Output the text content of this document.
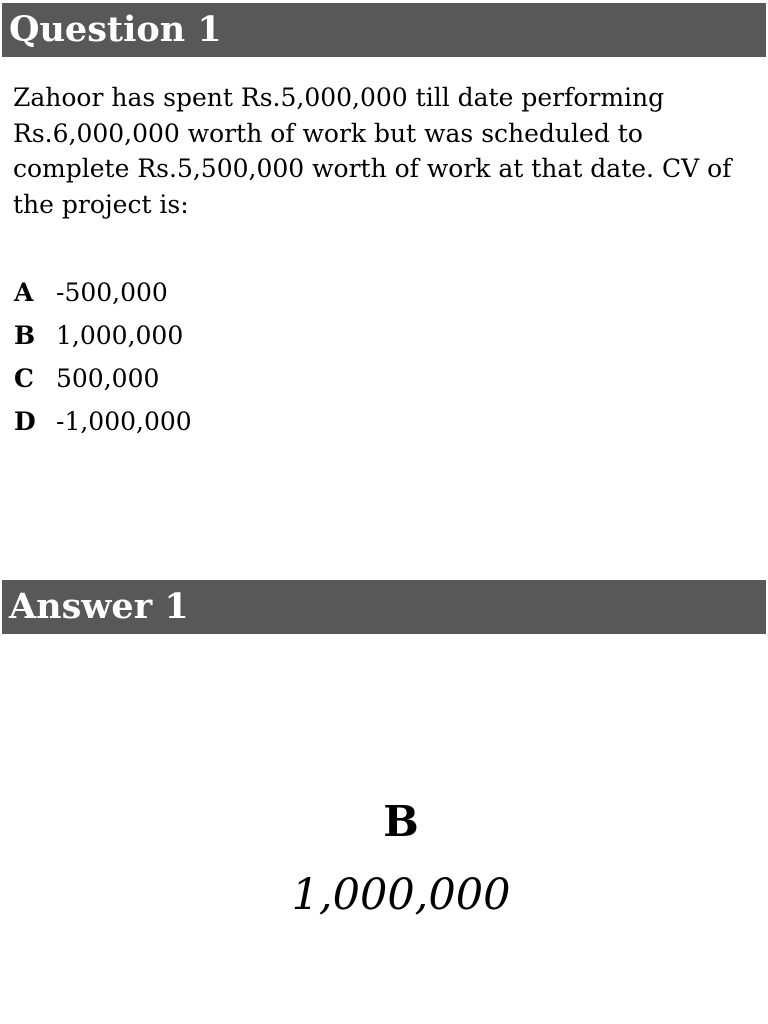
Question 1
Zahoor has spent Rs.5,000,000 till date performing Rs.6,000,000 worth of work but was scheduled to complete Rs.5,500,000 worth of work at that date. CV of the project is:
A -500,000
B 1,000,000
C 500,000
D -1,000,000
Answer 1
B
1,000,000
